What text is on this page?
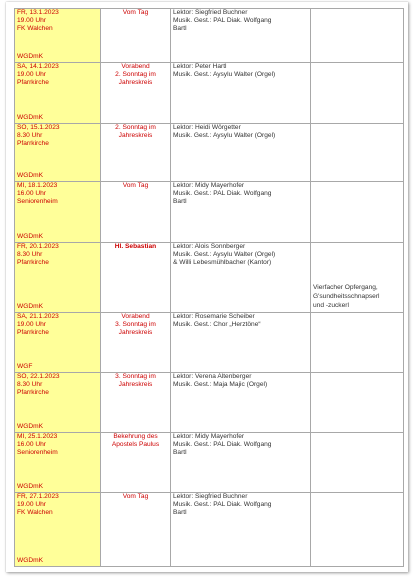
FR, 13.1.2023
19.00 Uhr
FK Walchen
WGDmK	Vom Tag	Lektor: Siegfried Buchner
Musik. Gest.: PAL Diak. Wolfgang
Bartl	

SA, 14.1.2023
19.00 Uhr
Pfarrkirche
WGDmK	Vorabend
2. Sonntag im
Jahreskreis	Lektor: Peter Hartl
Musik. Gest.: Aysylu Walter (Orgel)	

SO, 15.1.2023
8.30 Uhr
Pfarrkirche
WGDmK	2. Sonntag im
Jahreskreis	Lektor: Heidi Wörgetter
Musik. Gest.: Aysylu Walter (Orgel)	

MI, 18.1.2023
16.00 Uhr
Seniorenheim
WGDmK	Vom Tag	Lektor: Midy Mayerhofer
Musik. Gest.: PAL Diak. Wolfgang
Bartl	

FR, 20.1.2023
8.30 Uhr
Pfarrkirche
WGDmK	Hl. Sebastian	Lektor: Alois Sonnberger
Musik. Gest.: Aysylu Walter (Orgel)
& Willi Lebesmühlbacher (Kantor)	Vierfacher Opfergang,
G'sundheitsschnapserl
und -zuckerl

SA, 21.1.2023
19.00 Uhr
Pfarrkirche
WGF	Vorabend
3. Sonntag im
Jahreskreis	Lektor: Rosemarie Scheiber
Musik. Gest.: Chor „Herztöne“	

SO, 22.1.2023
8.30 Uhr
Pfarrkirche
WGDmK	3. Sonntag im
Jahreskreis	Lektor: Verena Altenberger
Musik. Gest.: Maja Majic (Orgel)	

MI, 25.1.2023
16.00 Uhr
Seniorenheim
WGDmK	Bekehrung des
Apostels Paulus	Lektor: Midy Mayerhofer
Musik. Gest.: PAL Diak. Wolfgang
Bartl	

FR, 27.1.2023
19.00 Uhr
FK Walchen
WGDmK	Vom Tag	Lektor: Siegfried Buchner
Musik. Gest.: PAL Diak. Wolfgang
Bartl	
